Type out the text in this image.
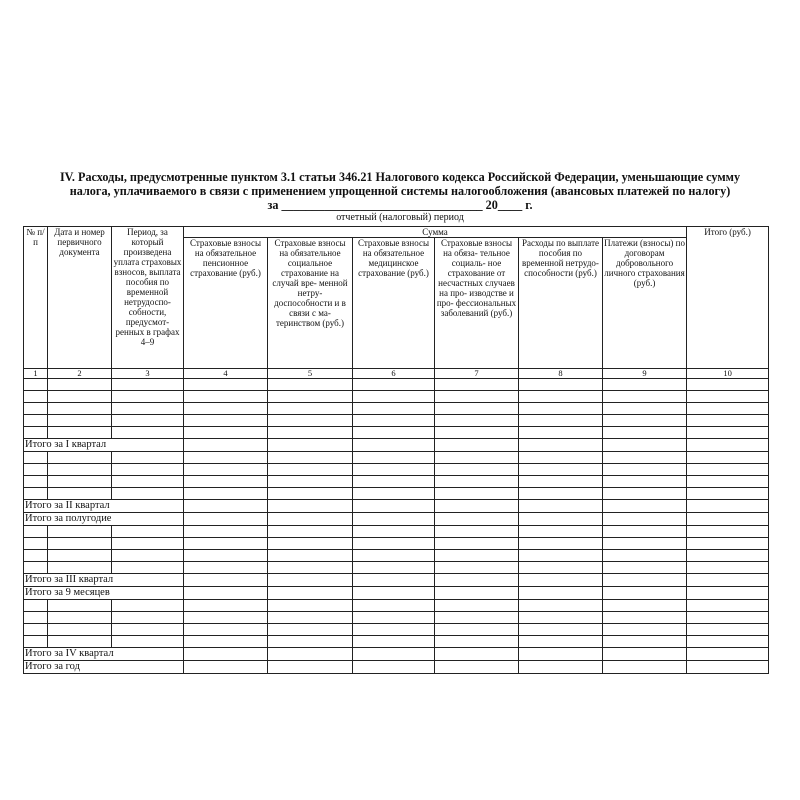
IV. Расходы, предусмотренные пунктом 3.1 статьи 346.21 Налогового кодекса Российской Федерации, уменьшающие сумму
налога, уплачиваемого в связи с применением упрощенной системы налогообложения (авансовых платежей по налогу)
за _________________________________ 20____ г.
отчетный (налоговый) период
№ п/п	Дата и номер первичного документа	Период, за который произведена уплата страховых взносов, выплата пособия по временной нетрудоспо- собности, предусмот- ренных в графах 4–9	Сумма						Итого (руб.)
			Страховые взносы на обязательное пенсионное страхование (руб.)	Страховые взносы на обязательное социальное страхование на случай вре- менной нетру- доспособности и в связи с ма- теринством (руб.)	Страховые взносы на обязательное медицинское страхование (руб.)	Страховые взносы на обяза- тельное социаль- ное страхование от несчастных случаев на про- изводстве и про- фессиональных заболеваний (руб.)	Расходы по выплате пособия по временной нетрудо- способности (руб.)	Платежи (взносы) по договорам добровольного личного страхования (руб.)	
1	2	3	4	5	6	7	8	9	10

Итого за I квартал									

Итого за II квартал									
Итого за полугодие									

Итого за III квартал									
Итого за 9 месяцев									

Итого за IV квартал									
Итого за год									
